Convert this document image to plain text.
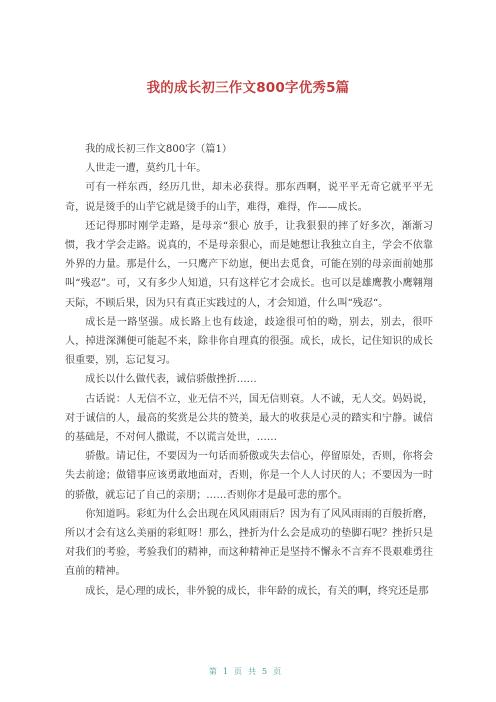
我的成长初三作文800字优秀5篇

我的成长初三作文800字（篇1）

人世走一遭，莫约几十年。

可有一样东西，经历几世，却未必获得。那东西啊，说平平无奇它就平平无奇，说是烫手的山芋它就是烫手的山芋，难得，难得，作——成长。

还记得那时刚学走路，是母亲“狠心 放手，让我狠狠的摔了好多次，渐渐习惯，我才学会走路。说真的，不是母亲狠心，而是她想让我独立自主，学会不依靠外界的力量。那是什么，一只鹰产下幼崽，便出去觅食，可能在别的母亲面前她那叫“残忍”。可，又有多少人知道，只有这样它才会成长。也可以是雄鹰教小鹰翱翔天际，不顾后果，因为只有真正实践过的人，才会知道，什么叫“残忍“。

成长是一路坚强。成长路上也有歧途，歧途很可怕的呦，别去，别去，很吓人，掉进深渊便可能起不来，除非你自理真的很强。成长，成长，记住知识的成长很重要，别，忘记复习。

成长以什么做代表，诚信骄傲挫折……

古话说：人无信不立，业无信不兴，国无信则衰。人不诚，无人交。妈妈说，对于诚信的人，最高的奖赏是公共的赞美，最大的收获是心灵的踏实和宁静。诚信的基础是，不对何人撒谎，不以谎言处世，……

骄傲。请记住，不要因为一句话而骄傲或失去信心，停留原处，否则，你将会失去前途；做错事应该勇敢地面对，否则，你是一个人人讨厌的人；不要因为一时的骄傲，就忘记了自己的亲朋；……否则你才是最可悲的那个。

你知道吗。彩虹为什么会出现在风风雨雨后？因为有了风风雨雨的百般折磨，所以才会有这么美丽的彩虹呀！那么，挫折为什么会是成功的垫脚石呢？挫折只是对我们的考验，考验我们的精神，而这种精神正是坚持不懈永不言弃不畏艰难勇往直前的精神。

成长，是心理的成长，非外貌的成长，非年龄的成长，有关的啊，终究还是那

第1页共5页
